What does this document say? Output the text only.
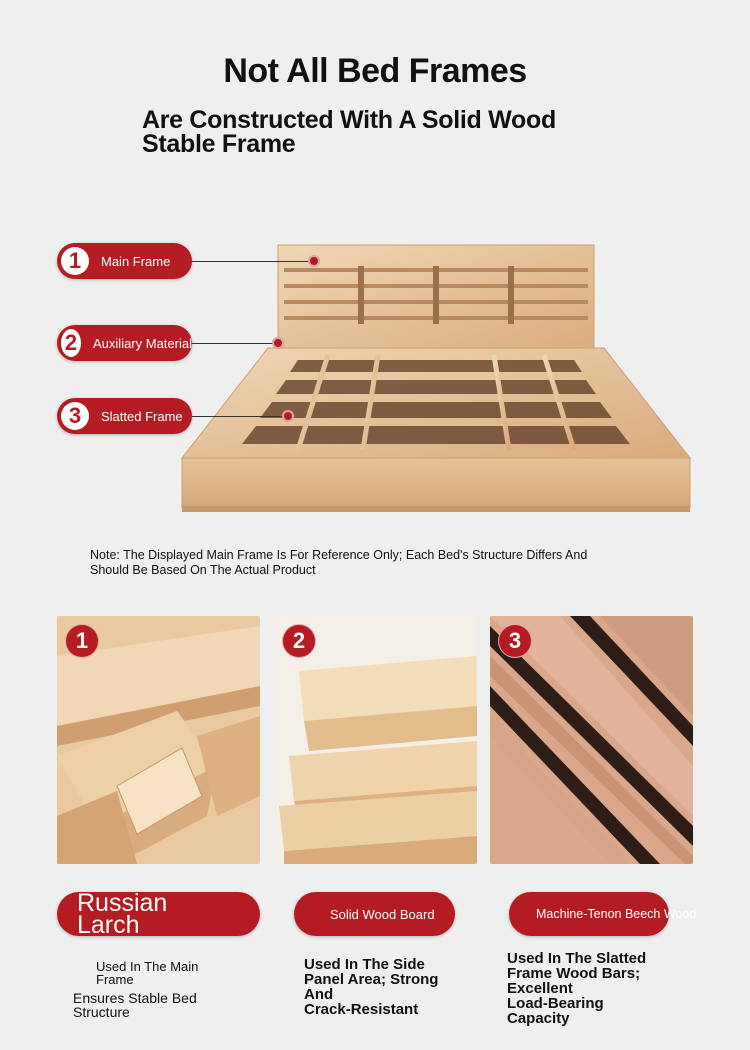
Not All Bed Frames
Are Constructed With A Solid Wood
Stable Frame
1	Main Frame
2 Auxiliary Material
3	Slatted Frame
Note: The Displayed Main Frame Is For Reference Only; Each Bed's Structure Differs And
Should Be Based On The Actual Product
1	2	3
Russian
Larch
Used In The Main
Frame
Ensures Stable Bed
Structure
Solid Wood Board
Used In The Side
Panel Area; Strong
And
Crack-Resistant
Machine-Tenon Beech Wood
Used In The Slatted
Frame Wood Bars;
Excellent
Load-Bearing
Capacity
